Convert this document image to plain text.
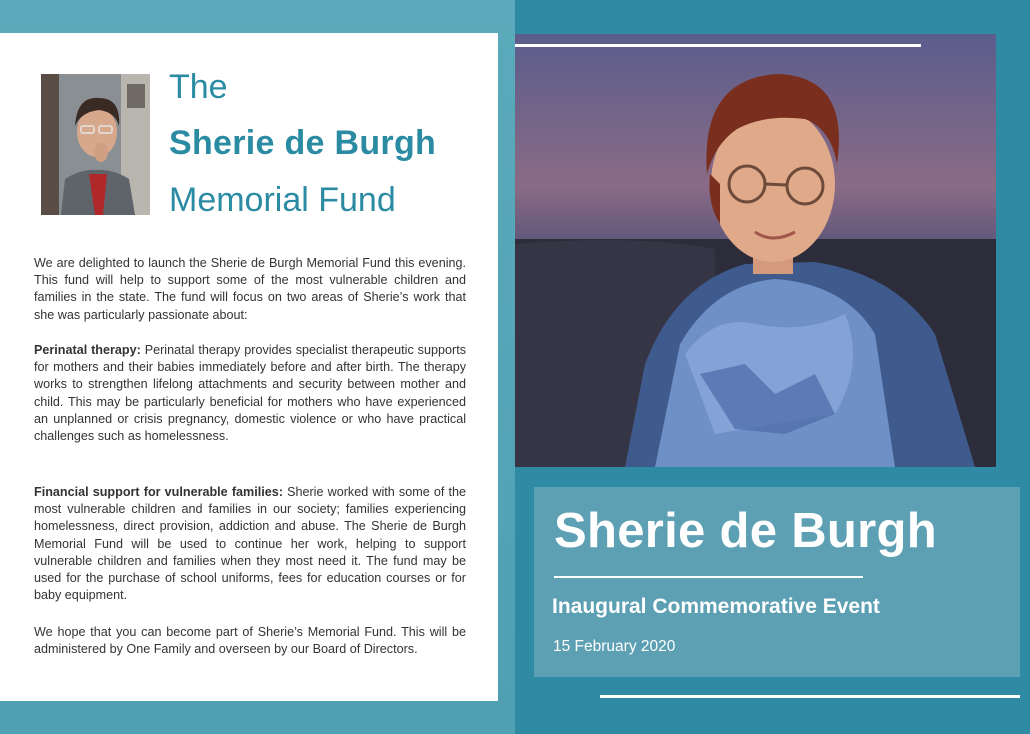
The
Sherie de Burgh
Memorial Fund
We are delighted to launch the Sherie de Burgh Memorial Fund this evening. This fund will help to support some of the most vulnerable children and families in the state. The fund will focus on two areas of Sherie’s work that she was particularly passionate about:
Perinatal therapy: Perinatal therapy provides specialist therapeutic supports for mothers and their babies immediately before and after birth. The therapy works to strengthen lifelong attachments and security between mother and child. This may be particularly beneficial for mothers who have experienced an unplanned or crisis pregnancy, domestic violence or who have practical challenges such as homelessness.
Financial support for vulnerable families: Sherie worked with some of the most vulnerable children and families in our society; families experiencing homelessness, direct provision, addiction and abuse. The Sherie de Burgh Memorial Fund will be used to continue her work, helping to support vulnerable children and families when they most need it. The fund may be used for the purchase of school uniforms, fees for education courses or for baby equipment.
We hope that you can become part of Sherie’s Memorial Fund. This will be administered by One Family and overseen by our Board of Directors.
Sherie de Burgh
Inaugural Commemorative Event
15 February 2020
